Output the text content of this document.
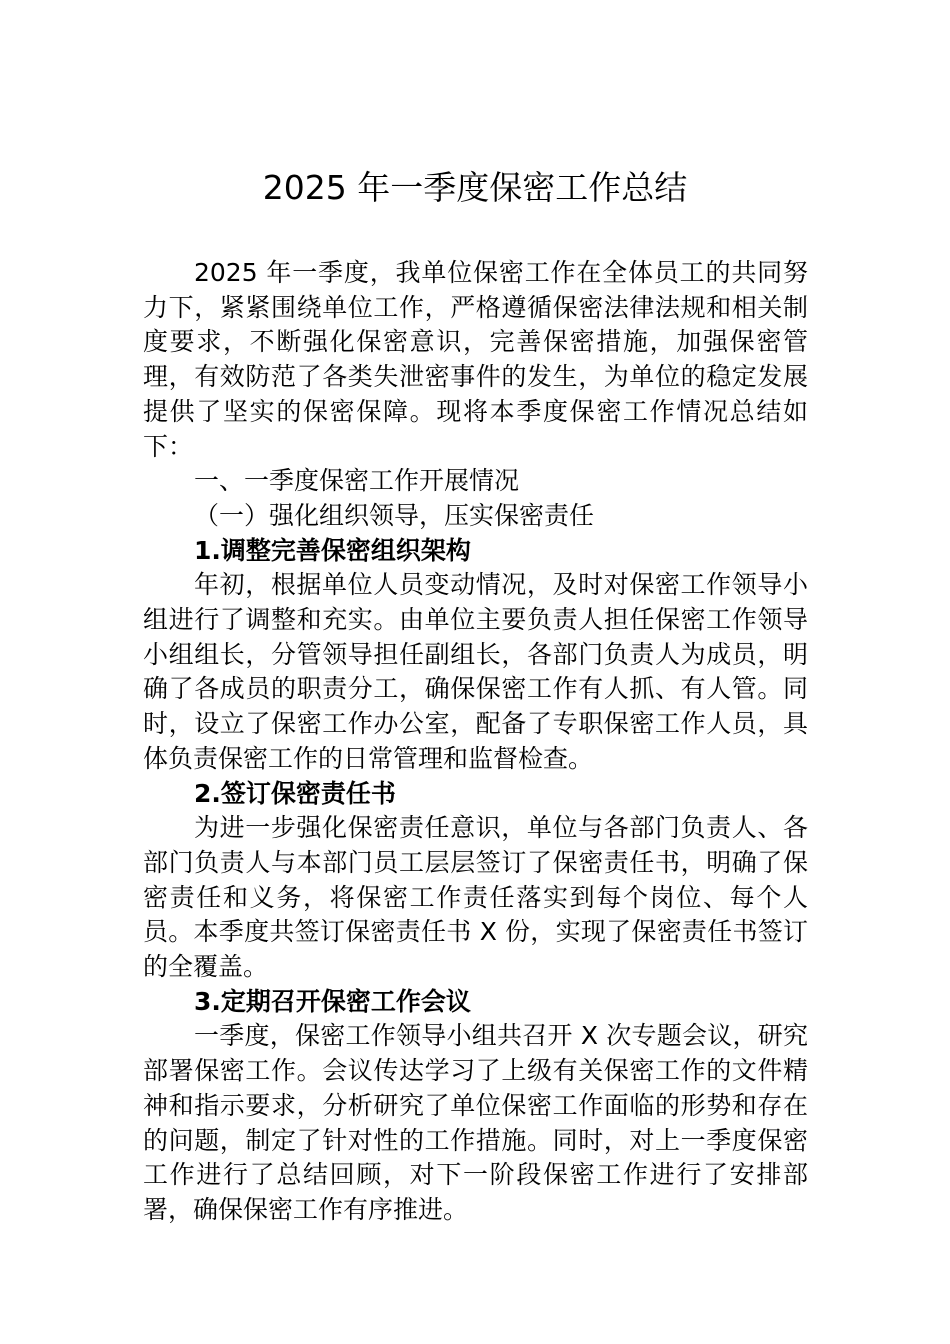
2025 年一季度保密工作总结

2025 年一季度，我单位保密工作在全体员工的共同努力下，紧紧围绕单位工作，严格遵循保密法律法规和相关制度要求，不断强化保密意识，完善保密措施，加强保密管理，有效防范了各类失泄密事件的发生，为单位的稳定发展提供了坚实的保密保障。现将本季度保密工作情况总结如下：

一、一季度保密工作开展情况

（一）强化组织领导，压实保密责任

1.调整完善保密组织架构

年初，根据单位人员变动情况，及时对保密工作领导小组进行了调整和充实。由单位主要负责人担任保密工作领导小组组长，分管领导担任副组长，各部门负责人为成员，明确了各成员的职责分工，确保保密工作有人抓、有人管。同时，设立了保密工作办公室，配备了专职保密工作人员，具体负责保密工作的日常管理和监督检查。

2.签订保密责任书

为进一步强化保密责任意识，单位与各部门负责人、各部门负责人与本部门员工层层签订了保密责任书，明确了保密责任和义务，将保密工作责任落实到每个岗位、每个人员。本季度共签订保密责任书 X 份，实现了保密责任书签订的全覆盖。

3.定期召开保密工作会议

一季度，保密工作领导小组共召开 X 次专题会议，研究部署保密工作。会议传达学习了上级有关保密工作的文件精神和指示要求，分析研究了单位保密工作面临的形势和存在的问题，制定了针对性的工作措施。同时，对上一季度保密工作进行了总结回顾，对下一阶段保密工作进行了安排部署，确保保密工作有序推进。
